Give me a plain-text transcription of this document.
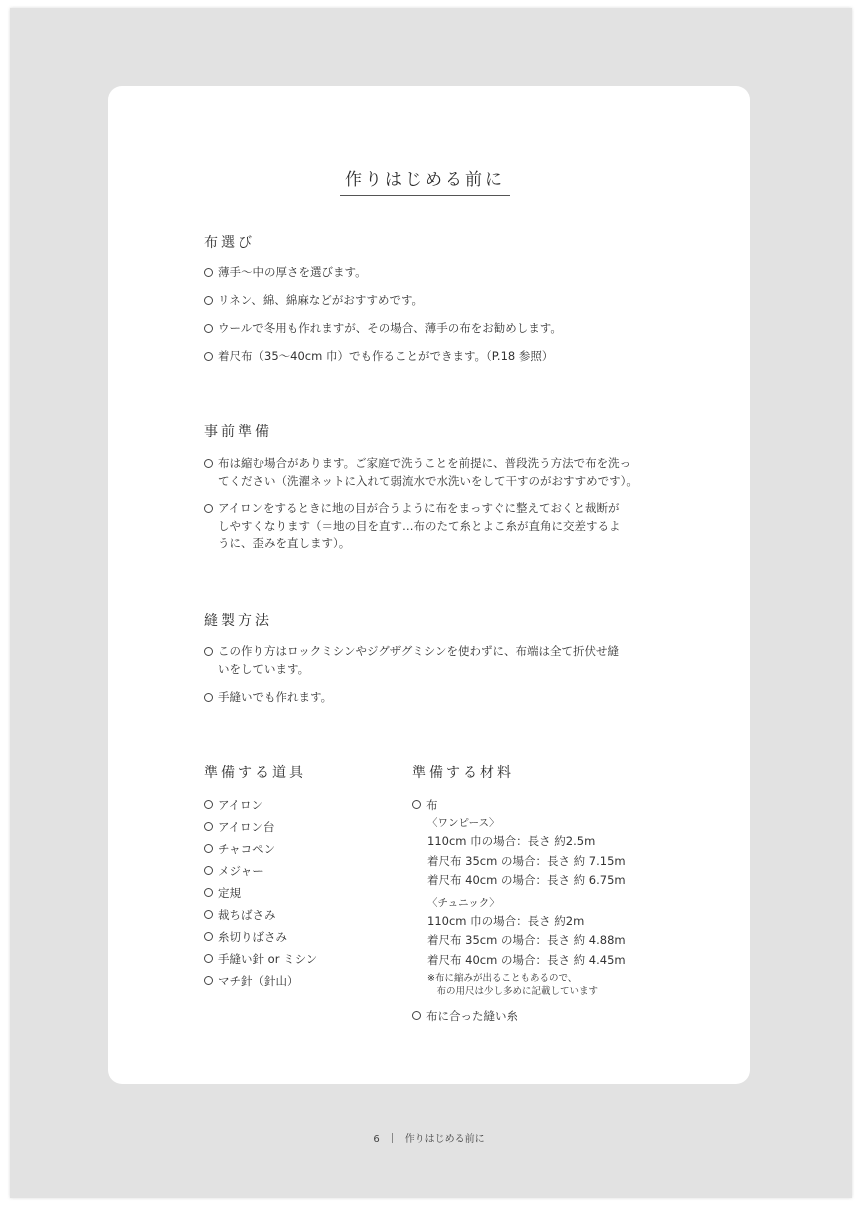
作りはじめる前に
布選び
薄手〜中の厚さを選びます。
リネン、綿、綿麻などがおすすめです。
ウールで冬用も作れますが、その場合、薄手の布をお勧めします。
着尺布（35〜40cm 巾）でも作ることができます。（P.18 参照）
事前準備
布は縮む場合があります。ご家庭で洗うことを前提に、普段洗う方法で布を洗っ
てください（洗濯ネットに入れて弱流水で水洗いをして干すのがおすすめです）。
アイロンをするときに地の目が合うように布をまっすぐに整えておくと裁断が
しやすくなります（＝地の目を直す…布のたて糸とよこ糸が直角に交差するよ
うに、歪みを直します）。
縫製方法
この作り方はロックミシンやジグザグミシンを使わずに、布端は全て折伏せ縫
いをしています。
手縫いでも作れます。
準備する道具
アイロン
アイロン台
チャコペン
メジャー
定規
裁ちばさみ
糸切りばさみ
手縫い針 or ミシン
マチ針（針山）
準備する材料
布
〈ワンピース〉
110cm 巾の場合：長さ 約2.5m
着尺布 35cm の場合：長さ 約 7.15m
着尺布 40cm の場合：長さ 約 6.75m
〈チュニック〉
110cm 巾の場合：長さ 約2m
着尺布 35cm の場合：長さ 約 4.88m
着尺布 40cm の場合：長さ 約 4.45m
※布に縮みが出ることもあるので、
　布の用尺は少し多めに記載しています
布に合った縫い糸
6	作りはじめる前に
